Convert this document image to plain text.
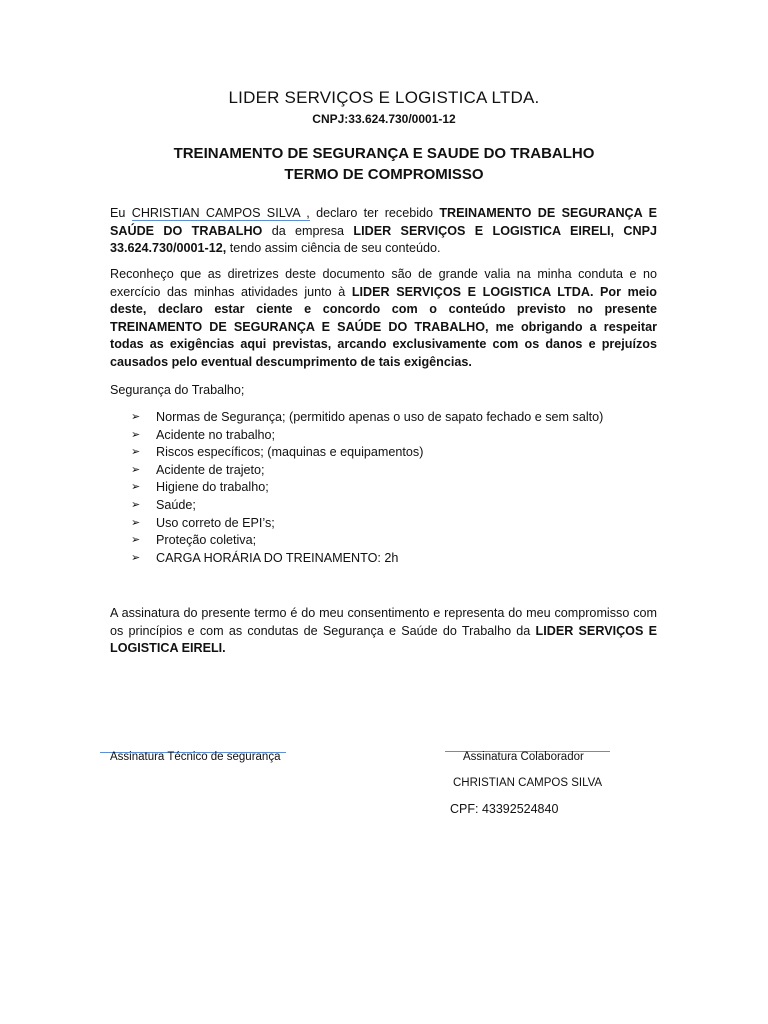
LIDER SERVIÇOS E LOGISTICA LTDA.
CNPJ:33.624.730/0001-12
TREINAMENTO DE SEGURANÇA E SAUDE DO TRABALHO
TERMO DE COMPROMISSO
Eu CHRISTIAN CAMPOS SILVA , declaro ter recebido TREINAMENTO DE SEGURANÇA E SAÚDE DO TRABALHO da empresa LIDER SERVIÇOS E LOGISTICA EIRELI, CNPJ 33.624.730/0001-12, tendo assim ciência de seu conteúdo.
Reconheço que as diretrizes deste documento são de grande valia na minha conduta e no exercício das minhas atividades junto à LIDER SERVIÇOS E LOGISTICA LTDA. Por meio deste, declaro estar ciente e concordo com o conteúdo previsto no presente TREINAMENTO DE SEGURANÇA E SAÚDE DO TRABALHO, me obrigando a respeitar todas as exigências aqui previstas, arcando exclusivamente com os danos e prejuízos causados pelo eventual descumprimento de tais exigências.
Segurança do Trabalho;
➢ Normas de Segurança; (permitido apenas o uso de sapato fechado e sem salto)
➢ Acidente no trabalho;
➢ Riscos específicos; (maquinas e equipamentos)
➢ Acidente de trajeto;
➢ Higiene do trabalho;
➢ Saúde;
➢ Uso correto de EPI’s;
➢ Proteção coletiva;
➢ CARGA HORÁRIA DO TREINAMENTO: 2h
A assinatura do presente termo é do meu consentimento e representa do meu compromisso com os princípios e com as condutas de Segurança e Saúde do Trabalho da LIDER SERVIÇOS E LOGISTICA EIRELI.
Assinatura Técnico de segurança	Assinatura Colaborador
CHRISTIAN CAMPOS SILVA
CPF: 43392524840
